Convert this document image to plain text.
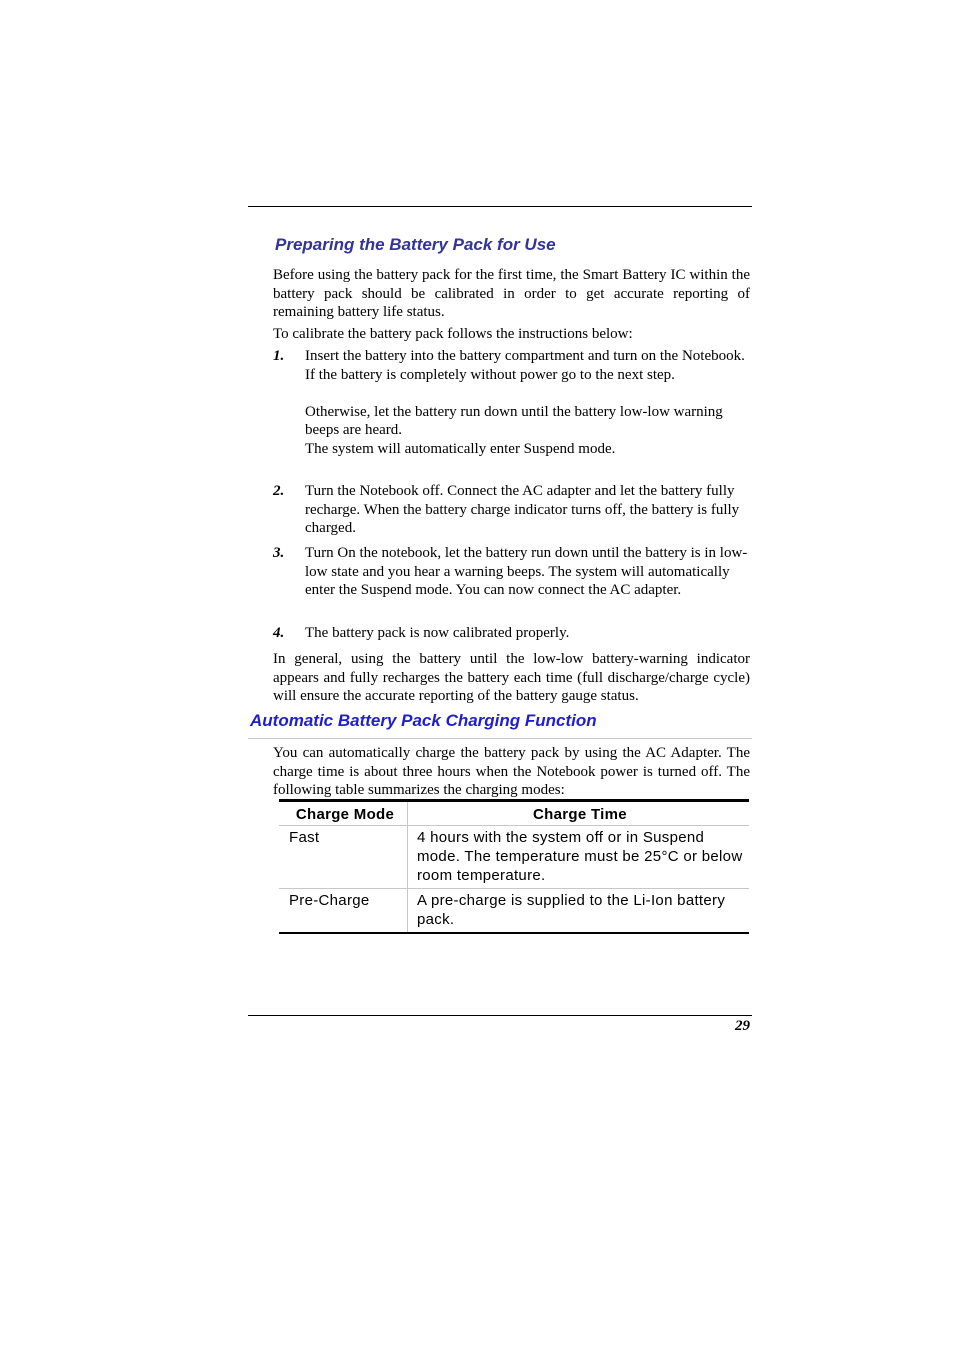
Preparing the Battery Pack for Use

Before using the battery pack for the first time, the Smart Battery IC within the battery pack should be calibrated in order to get accurate reporting of remaining battery life status.

To calibrate the battery pack follows the instructions below:

1. Insert the battery into the battery compartment and turn on the Notebook. If the battery is completely without power go to the next step.

Otherwise, let the battery run down until the battery low-low warning beeps are heard.

The system will automatically enter Suspend mode.

2. Turn the Notebook off. Connect the AC adapter and let the battery fully recharge. When the battery charge indicator turns off, the battery is fully charged.

3. Turn On the notebook, let the battery run down until the battery is in low-low state and you hear a warning beeps. The system will automatically enter the Suspend mode. You can now connect the AC adapter.

4. The battery pack is now calibrated properly.

In general, using the battery until the low-low battery-warning indicator appears and fully recharges the battery each time (full discharge/charge cycle) will ensure the accurate reporting of the battery gauge status.

Automatic Battery Pack Charging Function

You can automatically charge the battery pack by using the AC Adapter. The charge time is about three hours when the Notebook power is turned off. The following table summarizes the charging modes:

Charge Mode	Charge Time
Fast	4 hours with the system off or in Suspend mode. The temperature must be 25°C or below room temperature.
Pre-Charge	A pre-charge is supplied to the Li-Ion battery pack.
29
